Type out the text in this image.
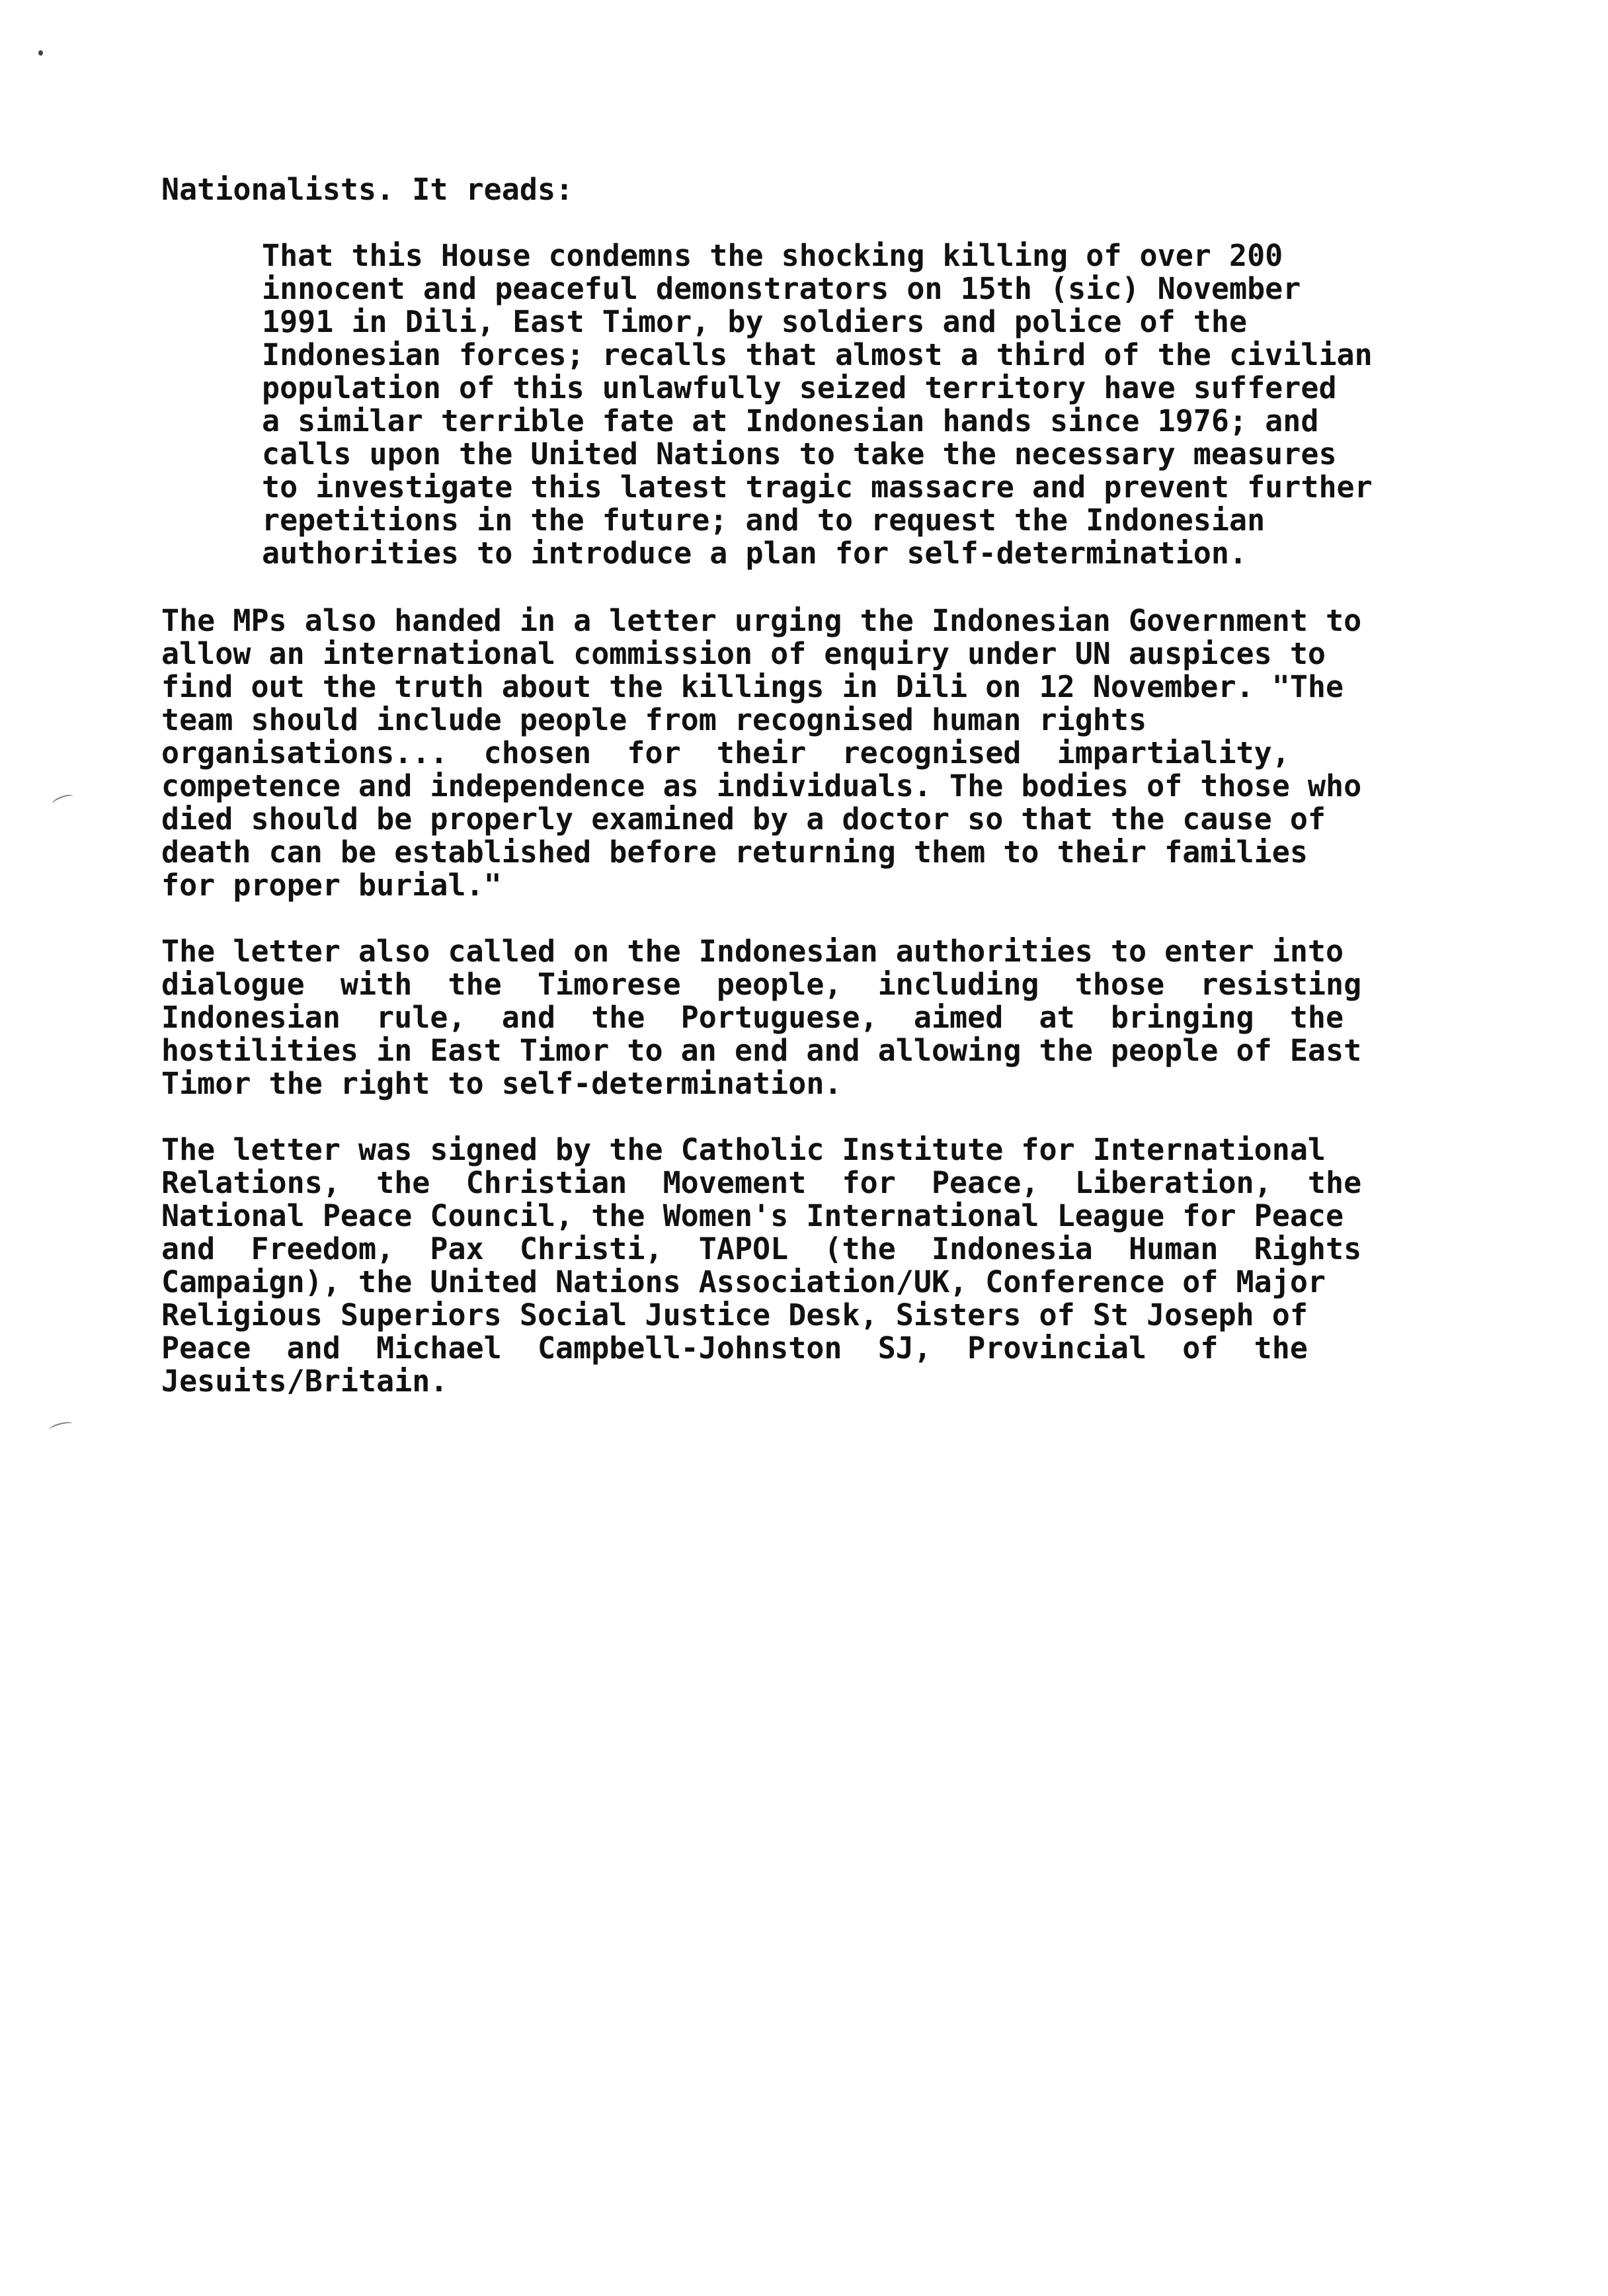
Nationalists. It reads:

That this House condemns the shocking killing of over 200
innocent and peaceful demonstrators on 15th (sic) November
1991 in Dili, East Timor, by soldiers and police of the
Indonesian forces; recalls that almost a third of the civilian
population of this unlawfully seized territory have suffered
a similar terrible fate at Indonesian hands since 1976; and
calls upon the United Nations to take the necessary measures
to investigate this latest tragic massacre and prevent further
repetitions in the future; and to request the Indonesian
authorities to introduce a plan for self-determination.
The MPs also handed in a letter urging the Indonesian Government to
allow an international commission of enquiry under UN auspices to
find out the truth about the killings in Dili on 12 November. "The
team should include people from recognised human rights
organisations...  chosen  for  their  recognised  impartiality,
competence and independence as individuals. The bodies of those who
died should be properly examined by a doctor so that the cause of
death can be established before returning them to their families
for proper burial."
The letter also called on the Indonesian authorities to enter into
dialogue  with  the  Timorese  people,  including  those  resisting
Indonesian  rule,  and  the  Portuguese,  aimed  at  bringing  the
hostilities in East Timor to an end and allowing the people of East
Timor the right to self-determination.
The letter was signed by the Catholic Institute for International
Relations,  the  Christian  Movement  for  Peace,  Liberation,  the
National Peace Council, the Women's International League for Peace
and  Freedom,  Pax  Christi,  TAPOL  (the  Indonesia  Human  Rights
Campaign), the United Nations Association/UK, Conference of Major
Religious Superiors Social Justice Desk, Sisters of St Joseph of
Peace  and  Michael  Campbell-Johnston  SJ,  Provincial  of  the
Jesuits/Britain.
